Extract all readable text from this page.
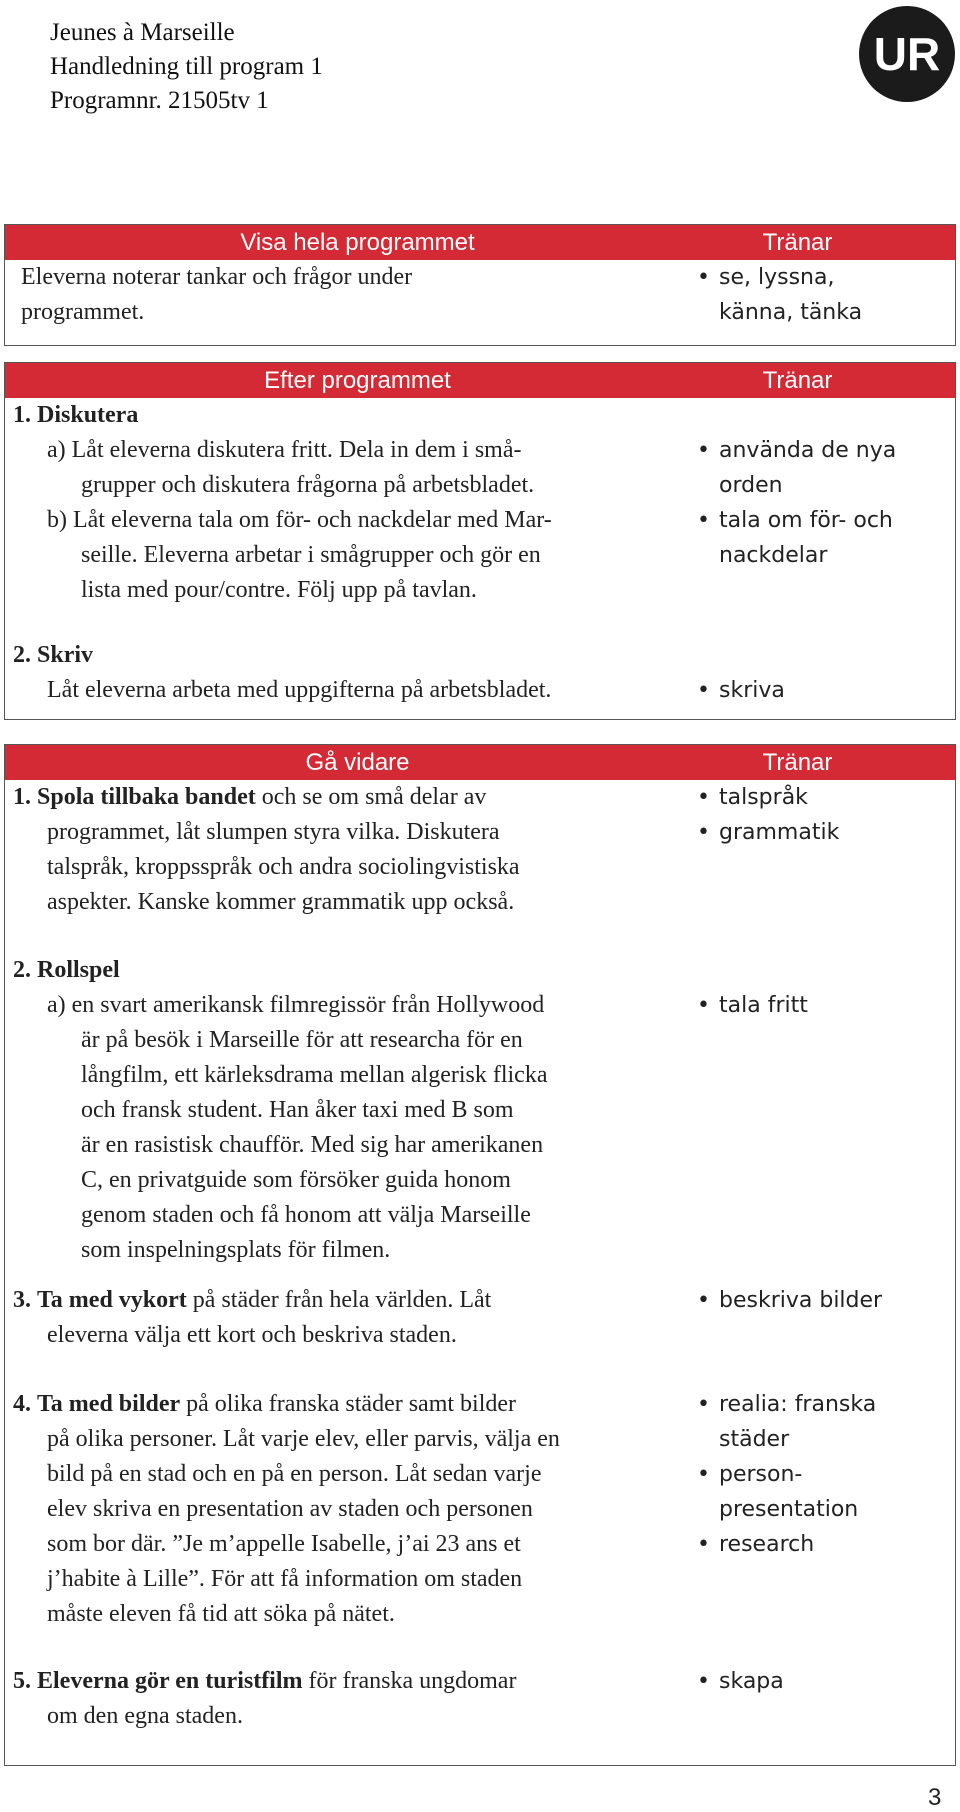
Jeunes à Marseille
Handledning till program 1
Programnr. 21505tv 1
UR
Visa hela programmet	Tränar
Eleverna noterar tankar och frågor under
programmet.
• se, lyssna,
känna, tänka
Efter programmet	Tränar
1. Diskutera
a) Låt eleverna diskutera fritt. Dela in dem i små-
grupper och diskutera frågorna på arbetsbladet.
b) Låt eleverna tala om för- och nackdelar med Mar-
seille. Eleverna arbetar i smågrupper och gör en
lista med pour/contre. Följ upp på tavlan.
• använda de nya
orden
• tala om för- och
nackdelar
2. Skriv
Låt eleverna arbeta med uppgifterna på arbetsbladet.
•	skriva
Gå vidare	Tränar
1. Spola tillbaka bandet och se om små delar av
programmet, låt slumpen styra vilka. Diskutera
talspråk, kroppsspråk och andra sociolingvistiska
aspekter. Kanske kommer grammatik upp också.
• talspråk
• grammatik
2. Rollspel
a) en svart amerikansk filmregissör från Hollywood
är på besök i Marseille för att researcha för en
långfilm, ett kärleksdrama mellan algerisk flicka
och fransk student. Han åker taxi med B som
är en rasistisk chaufför. Med sig har amerikanen
C, en privatguide som försöker guida honom
genom staden och få honom att välja Marseille
som inspelningsplats för filmen.
• tala fritt
3. Ta med vykort på städer från hela världen. Låt
eleverna välja ett kort och beskriva staden.
• beskriva bilder
4. Ta med bilder på olika franska städer samt bilder
på olika personer. Låt varje elev, eller parvis, välja en
bild på en stad och en på en person. Låt sedan varje
elev skriva en presentation av staden och personen
som bor där. ”Je m’appelle Isabelle, j’ai 23 ans et
j’habite à Lille”. För att få information om staden
måste eleven få tid att söka på nätet.
• realia: franska
städer
• person-
presentation
• research
5. Eleverna gör en turistfilm för franska ungdomar
om den egna staden.
• skapa
3
